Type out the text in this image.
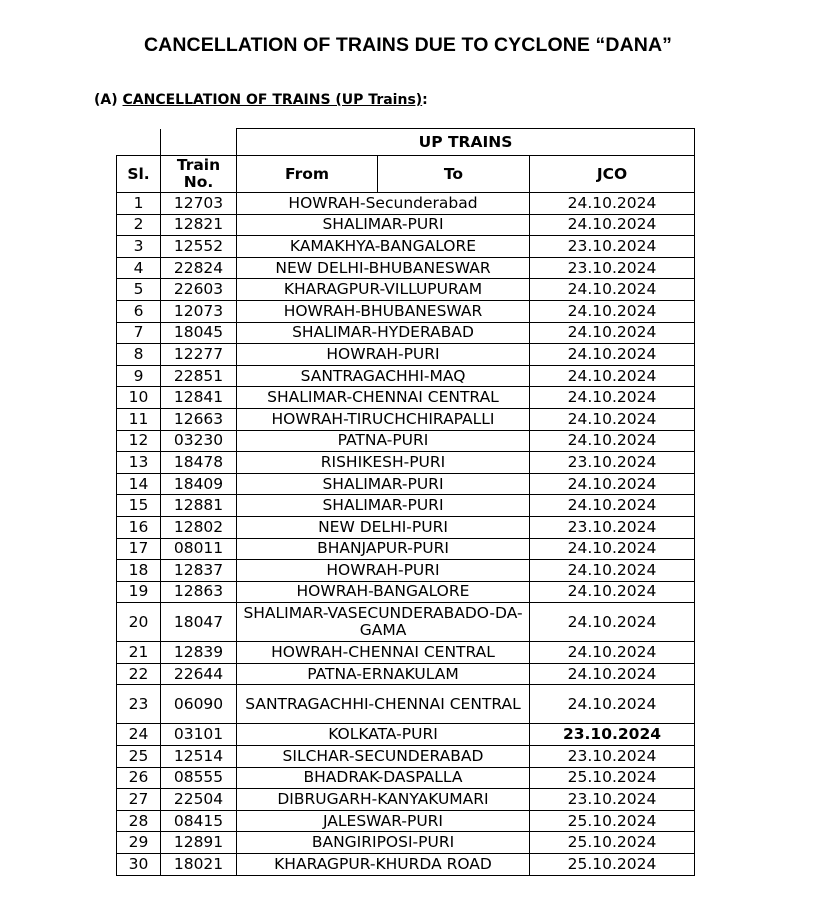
CANCELLATION OF TRAINS DUE TO CYCLONE “DANA”
(A) CANCELLATION OF TRAINS (UP Trains):
		UP TRAINS		
Sl.	Train No.	From	To	JCO
1	12703	HOWRAH-Secunderabad		24.10.2024
2	12821	SHALIMAR-PURI		24.10.2024
3	12552	KAMAKHYA-BANGALORE		23.10.2024
4	22824	NEW DELHI-BHUBANESWAR		23.10.2024
5	22603	KHARAGPUR-VILLUPURAM		24.10.2024
6	12073	HOWRAH-BHUBANESWAR		24.10.2024
7	18045	SHALIMAR-HYDERABAD		24.10.2024
8	12277	HOWRAH-PURI		24.10.2024
9	22851	SANTRAGACHHI-MAQ		24.10.2024
10	12841	SHALIMAR-CHENNAI CENTRAL		24.10.2024
11	12663	HOWRAH-TIRUCHCHIRAPALLI		24.10.2024
12	03230	PATNA-PURI		24.10.2024
13	18478	RISHIKESH-PURI		23.10.2024
14	18409	SHALIMAR-PURI		24.10.2024
15	12881	SHALIMAR-PURI		24.10.2024
16	12802	NEW DELHI-PURI		23.10.2024
17	08011	BHANJAPUR-PURI		24.10.2024
18	12837	HOWRAH-PURI		24.10.2024
19	12863	HOWRAH-BANGALORE		24.10.2024
20	18047	SHALIMAR-VASECUNDERABADO-DA-GAMA		24.10.2024
21	12839	HOWRAH-CHENNAI CENTRAL		24.10.2024
22	22644	PATNA-ERNAKULAM		24.10.2024
23	06090	SANTRAGACHHI-CHENNAI CENTRAL		24.10.2024
24	03101	KOLKATA-PURI		23.10.2024
25	12514	SILCHAR-SECUNDERABAD		23.10.2024
26	08555	BHADRAK-DASPALLA		25.10.2024
27	22504	DIBRUGARH-KANYAKUMARI		23.10.2024
28	08415	JALESWAR-PURI		25.10.2024
29	12891	BANGIRIPOSI-PURI		25.10.2024
30	18021	KHARAGPUR-KHURDA ROAD		25.10.2024
